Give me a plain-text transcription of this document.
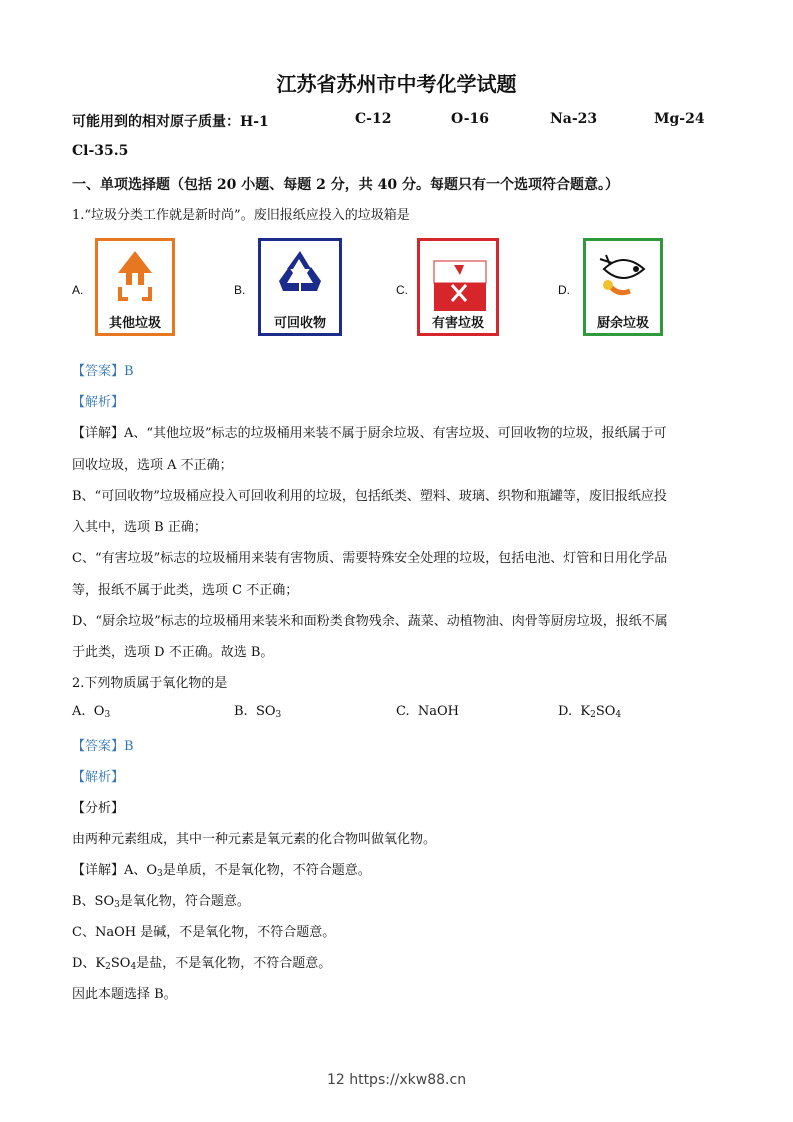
江苏省苏州市中考化学试题
可能用到的相对原子质量：H-1	C-12	O-16	Na-23	Mg-24
Cl-35.5
一、单项选择题（包括 20 小题、每题 2 分，共 40 分。每题只有一个选项符合题意。）
1.“垃圾分类工作就是新时尚”。废旧报纸应投入的垃圾箱是
A.	B.	C.	D.
其他垃圾	可回收物	有害垃圾	厨余垃圾
【答案】B
【解析】
【详解】A、“其他垃圾”标志的垃圾桶用来装不属于厨余垃圾、有害垃圾、可回收物的垃圾，报纸属于可
回收垃圾，选项 A 不正确；
B、“可回收物”垃圾桶应投入可回收利用的垃圾，包括纸类、塑料、玻璃、织物和瓶罐等，废旧报纸应投
入其中，选项 B 正确；
C、“有害垃圾”标志的垃圾桶用来装有害物质、需要特殊安全处理的垃圾，包括电池、灯管和日用化学品
等，报纸不属于此类，选项 C 不正确；
D、“厨余垃圾”标志的垃圾桶用来装米和面粉类食物残余、蔬菜、动植物油、肉骨等厨房垃圾，报纸不属
于此类，选项 D 不正确。故选 B。
2.下列物质属于氧化物的是
A.  $O_3$	B.  $SO_3$	C.  NaOH	D.  $K_2SO_4$
【答案】B
【解析】
【分析】
由两种元素组成，其中一种元素是氧元素的化合物叫做氧化物。
【详解】A、$O_3$是单质，不是氧化物，不符合题意。
B、$SO_3$是氧化物，符合题意。
C、NaOH 是碱，不是氧化物，不符合题意。
D、$K_2SO_4$是盐，不是氧化物，不符合题意。
因此本题选择 B。
12 https://xkw88.cn
